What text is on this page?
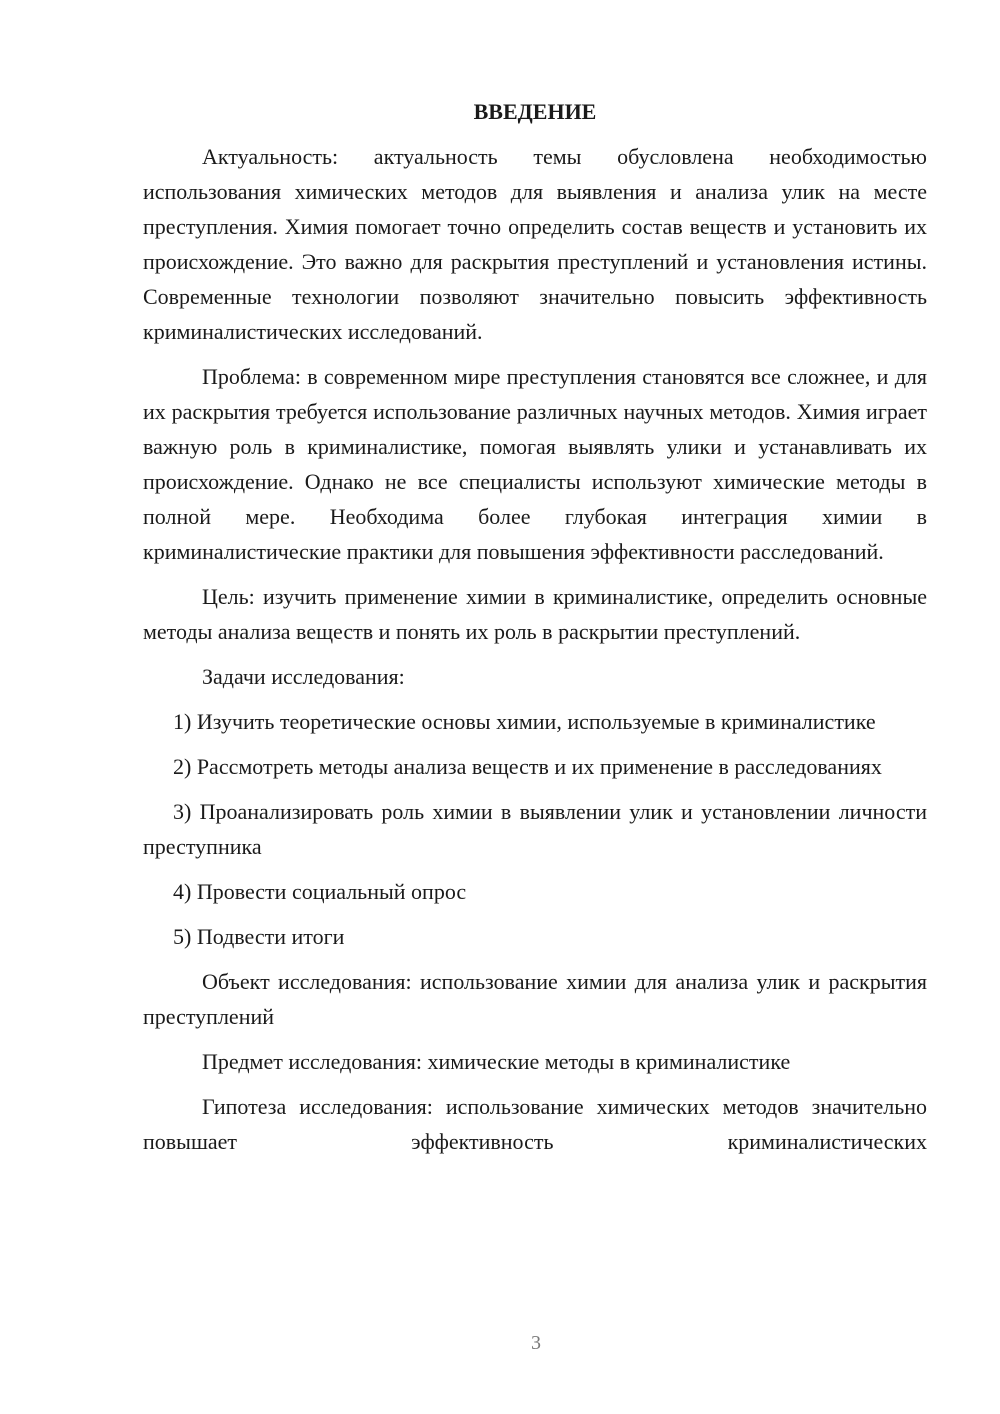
ВВЕДЕНИЕ

Актуальность: актуальность темы обусловлена необходимостью использования химических методов для выявления и анализа улик на месте преступления. Химия помогает точно определить состав веществ и установить их происхождение. Это важно для раскрытия преступлений и установления истины. Современные технологии позволяют значительно повысить эффективность криминалистических исследований.

Проблема: в современном мире преступления становятся все сложнее, и для их раскрытия требуется использование различных научных методов. Химия играет важную роль в криминалистике, помогая выявлять улики и устанавливать их происхождение. Однако не все специалисты используют химические методы в полной мере. Необходима более глубокая интеграция химии в криминалистические практики для повышения эффективности расследований.

Цель: изучить применение химии в криминалистике, определить основные методы анализа веществ и понять их роль в раскрытии преступлений.

Задачи исследования:

1) Изучить теоретические основы химии, используемые в криминалистике

2) Рассмотреть методы анализа веществ и их применение в расследованиях

3) Проанализировать роль химии в выявлении улик и установлении личности преступника

4) Провести социальный опрос

5) Подвести итоги

Объект исследования: использование химии для анализа улик и раскрытия преступлений

Предмет исследования: химические методы в криминалистике

Гипотеза исследования: использование химических методов значительно повышает эффективность криминалистических

3
